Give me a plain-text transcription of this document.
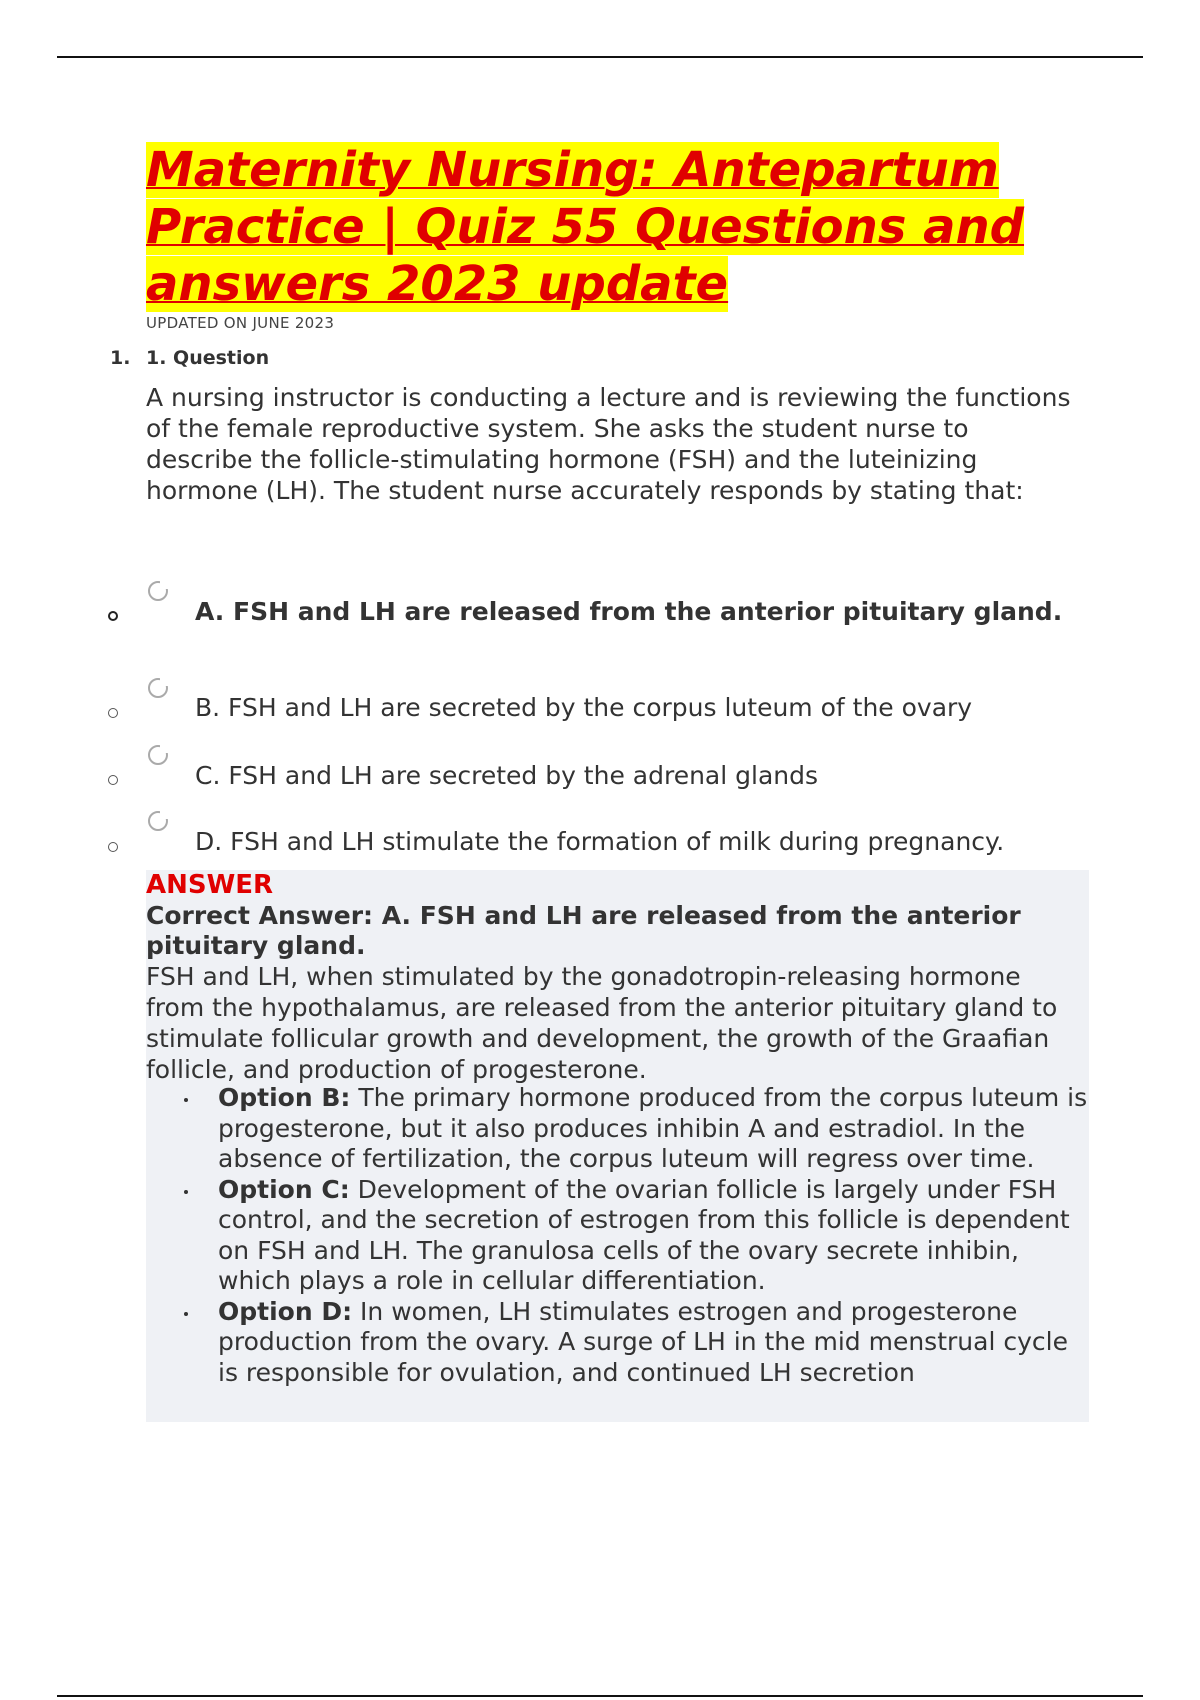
Maternity Nursing: Antepartum Practice | Quiz 55 Questions and answers 2023 update
UPDATED ON JUNE 2023
1. 1. Question
A nursing instructor is conducting a lecture and is reviewing the functions of the female reproductive system. She asks the student nurse to describe the follicle-stimulating hormone (FSH) and the luteinizing hormone (LH). The student nurse accurately responds by stating that:
A. FSH and LH are released from the anterior pituitary gland.
B. FSH and LH are secreted by the corpus luteum of the ovary
C. FSH and LH are secreted by the adrenal glands
D. FSH and LH stimulate the formation of milk during pregnancy.
ANSWER
Correct Answer: A. FSH and LH are released from the anterior pituitary gland.
FSH and LH, when stimulated by the gonadotropin-releasing hormone from the hypothalamus, are released from the anterior pituitary gland to stimulate follicular growth and development, the growth of the Graafian follicle, and production of progesterone.
Option B: The primary hormone produced from the corpus luteum is progesterone, but it also produces inhibin A and estradiol. In the absence of fertilization, the corpus luteum will regress over time.
Option C: Development of the ovarian follicle is largely under FSH control, and the secretion of estrogen from this follicle is dependent on FSH and LH. The granulosa cells of the ovary secrete inhibin, which plays a role in cellular differentiation.
Option D: In women, LH stimulates estrogen and progesterone production from the ovary. A surge of LH in the mid menstrual cycle is responsible for ovulation, and continued LH secretion
